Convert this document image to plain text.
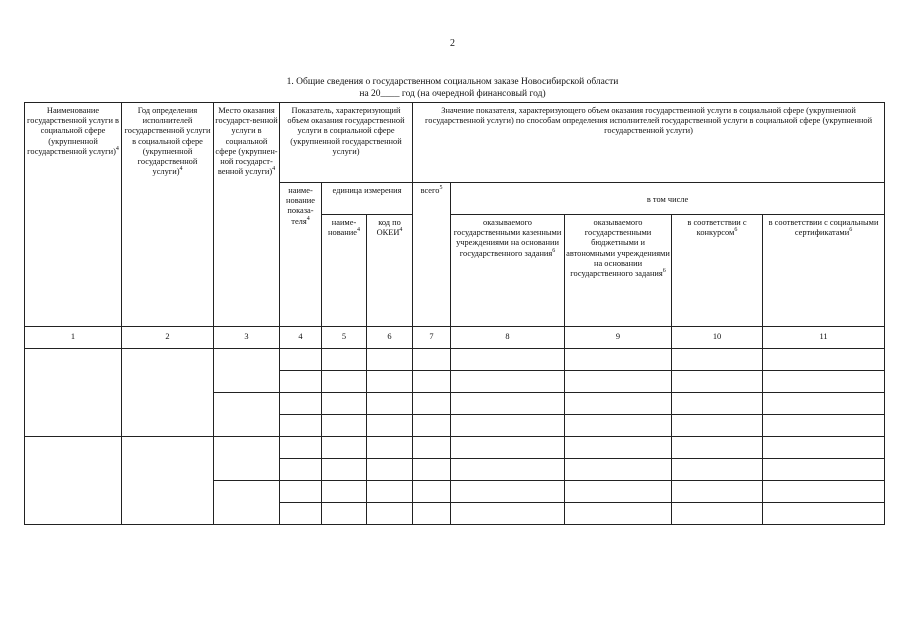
2
1. Общие сведения о государственном социальном заказе Новосибирской области
на 20____ год (на очередной финансовый год)
Наименование государственной услуги в социальной сфере (укрупненной государственной услуги)$^4$	Год определения исполнителей государственной услуги в социальной сфере (укрупненной государственной услуги)$^4$	Место оказания государст-венной услуги в социальной сфере (укрупнен-ной государст-венной услуги)$^4$	Показатель, характеризующий объем оказания государственной услуги в социальной сфере (укрупненной государственной услуги)			Значение показателя, характеризующего объем оказания государственной услуги в социальной сфере (укрупненной государственной услуги) по способам определения исполнителей государственной услуги в социальной сфере (укрупненной государственной услуги)				
			наиме-нование показа-теля$^4$	единица измерения		всего$^5$	в том числе			
				наиме-нование$^4$	код по ОКЕИ$^4$		оказываемого государственными казенными учреждениями на основании государственного задания$^6$	оказываемого государственными бюджетными и автономными учреждениями на основании государственного задания$^6$	в соответствии с конкурсом$^6$	в соответствии с социальными сертификатами$^6$
1	2	3	4	5	6	7	8	9	10	11
